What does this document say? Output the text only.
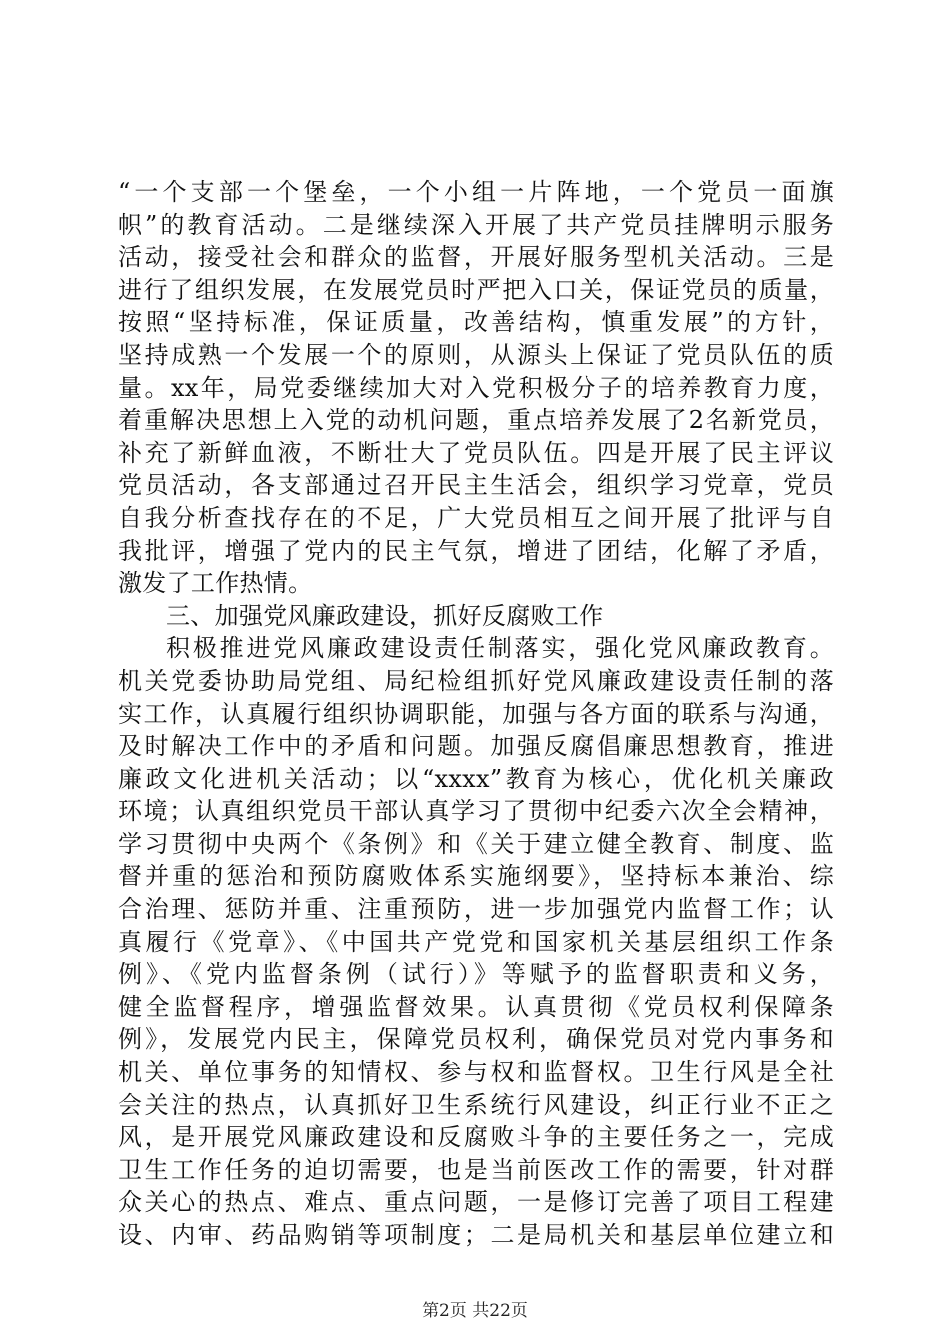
“一个支部一个堡垒，一个小组一片阵地，一个党员一面旗
帜”的教育活动。二是继续深入开展了共产党员挂牌明示服务
活动，接受社会和群众的监督，开展好服务型机关活动。三是
进行了组织发展，在发展党员时严把入口关，保证党员的质量，
按照“坚持标准，保证质量，改善结构，慎重发展”的方针，
坚持成熟一个发展一个的原则，从源头上保证了党员队伍的质
量。xx年，局党委继续加大对入党积极分子的培养教育力度，
着重解决思想上入党的动机问题，重点培养发展了2名新党员，
补充了新鲜血液，不断壮大了党员队伍。四是开展了民主评议
党员活动，各支部通过召开民主生活会，组织学习党章，党员
自我分析查找存在的不足，广大党员相互之间开展了批评与自
我批评，增强了党内的民主气氛，增进了团结，化解了矛盾，
激发了工作热情。
三、加强党风廉政建设，抓好反腐败工作
积极推进党风廉政建设责任制落实，强化党风廉政教育。
机关党委协助局党组、局纪检组抓好党风廉政建设责任制的落
实工作，认真履行组织协调职能，加强与各方面的联系与沟通，
及时解决工作中的矛盾和问题。加强反腐倡廉思想教育，推进
廉政文化进机关活动；以“xxxx”教育为核心，优化机关廉政
环境；认真组织党员干部认真学习了贯彻中纪委六次全会精神，
学习贯彻中央两个《条例》和《关于建立健全教育、制度、监
督并重的惩治和预防腐败体系实施纲要》，坚持标本兼治、综
合治理、惩防并重、注重预防，进一步加强党内监督工作；认
真履行《党章》、《中国共产党党和国家机关基层组织工作条
例》、《党内监督条例（试行）》等赋予的监督职责和义务，
健全监督程序，增强监督效果。认真贯彻《党员权利保障条
例》，发展党内民主，保障党员权利，确保党员对党内事务和
机关、单位事务的知情权、参与权和监督权。卫生行风是全社
会关注的热点，认真抓好卫生系统行风建设，纠正行业不正之
风，是开展党风廉政建设和反腐败斗争的主要任务之一，完成
卫生工作任务的迫切需要，也是当前医改工作的需要，针对群
众关心的热点、难点、重点问题，一是修订完善了项目工程建
设、内审、药品购销等项制度；二是局机关和基层单位建立和
第2页 共22页
